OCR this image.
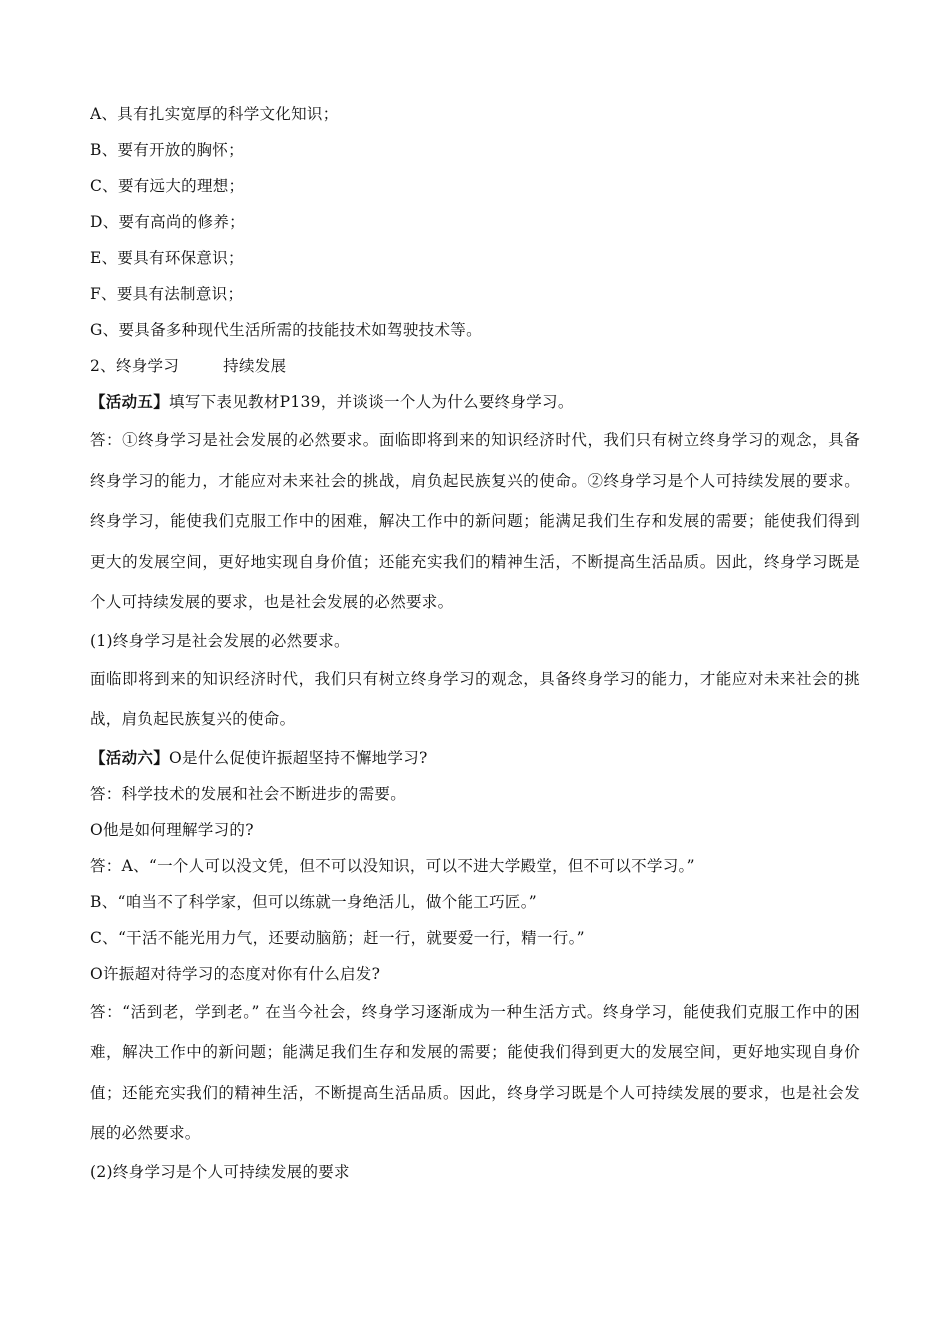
A、具有扎实宽厚的科学文化知识；
B、要有开放的胸怀；
C、要有远大的理想；
D、要有高尚的修养；
E、要具有环保意识；
F、要具有法制意识；
G、要具备多种现代生活所需的技能技术如驾驶技术等。
2、终身学习	持续发展
【活动五】填写下表见教材P139，并谈谈一个人为什么要终身学习。
答：①终身学习是社会发展的必然要求。面临即将到来的知识经济时代，我们只有树立终身学习的观念，具备终身学习的能力，才能应对未来社会的挑战，肩负起民族复兴的使命。②终身学习是个人可持续发展的要求。终身学习，能使我们克服工作中的困难，解决工作中的新问题；能满足我们生存和发展的需要；能使我们得到更大的发展空间，更好地实现自身价值；还能充实我们的精神生活，不断提高生活品质。因此，终身学习既是个人可持续发展的要求，也是社会发展的必然要求。
(1)终身学习是社会发展的必然要求。
面临即将到来的知识经济时代，我们只有树立终身学习的观念，具备终身学习的能力，才能应对未来社会的挑战，肩负起民族复兴的使命。
【活动六】O是什么促使许振超坚持不懈地学习?
答：科学技术的发展和社会不断进步的需要。
O他是如何理解学习的?
答：A、“一个人可以没文凭，但不可以没知识，可以不进大学殿堂，但不可以不学习。”
B、“咱当不了科学家，但可以练就一身绝活儿，做个能工巧匠。”
C、“干活不能光用力气，还要动脑筋；赶一行，就要爱一行，精一行。”
O许振超对待学习的态度对你有什么启发?
答：“活到老，学到老。” 在当今社会，终身学习逐渐成为一种生活方式。终身学习，能使我们克服工作中的困难，解决工作中的新问题；能满足我们生存和发展的需要；能使我们得到更大的发展空间，更好地实现自身价值；还能充实我们的精神生活，不断提高生活品质。因此，终身学习既是个人可持续发展的要求，也是社会发展的必然要求。
(2)终身学习是个人可持续发展的要求
